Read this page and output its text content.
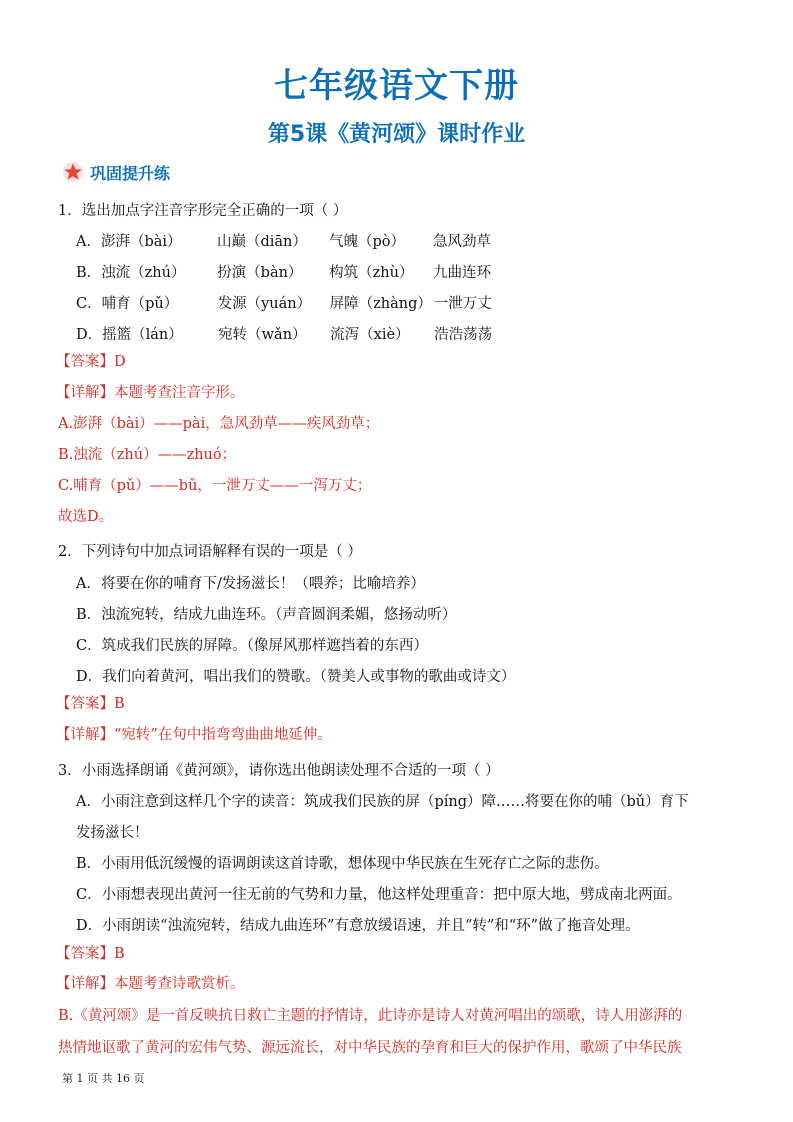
七年级语文下册
第5课《黄河颂》课时作业
巩固提升练
1．选出加点字注音字形完全正确的一项（ ）
A．澎湃（bài） 山巅（diān） 气魄（pò） 急风劲草
B．浊流（zhú） 扮演（bàn） 构筑（zhù） 九曲连环
C．哺育（pǔ）	发源（yuán） 屏障（zhàng） 一泄万丈
D．摇篮（lán） 宛转（wǎn） 流泻（xiè） 浩浩荡荡
【答案】D
【详解】本题考查注音字形。
A.澎湃（bài）——pài，急风劲草——疾风劲草；
B.浊流（zhú）——zhuó；
C.哺育（pǔ）——bǔ，一泄万丈——一泻万丈；
故选D。
2．下列诗句中加点词语解释有误的一项是（ ）
A．将要在你的哺育下/发扬滋长！（喂养；比喻培养）
B．浊流宛转，结成九曲连环。（声音圆润柔媚，悠扬动听）
C．筑成我们民族的屏障。（像屏风那样遮挡着的东西）
D．我们向着黄河，唱出我们的赞歌。（赞美人或事物的歌曲或诗文）
【答案】B
【详解】“宛转”在句中指弯弯曲曲地延伸。
3．小雨选择朗诵《黄河颂》，请你选出他朗读处理不合适的一项（ ）
A．小雨注意到这样几个字的读音：筑成我们民族的屏（píng）障……将要在你的哺（bǔ）育下
发扬滋长！
B．小雨用低沉缓慢的语调朗读这首诗歌，想体现中华民族在生死存亡之际的悲伤。
C．小雨想表现出黄河一往无前的气势和力量，他这样处理重音：把中原大地，劈成南北两面。
D．小雨朗读“浊流宛转，结成九曲连环”有意放缓语速，并且“转”和“环”做了拖音处理。
【答案】B
【详解】本题考查诗歌赏析。
B.《黄河颂》是一首反映抗日救亡主题的抒情诗，此诗亦是诗人对黄河唱出的颂歌，诗人用澎湃的
热情地讴歌了黄河的宏伟气势、源远流长，对中华民族的孕育和巨大的保护作用，歌颂了中华民族
第 1 页 共 16 页
